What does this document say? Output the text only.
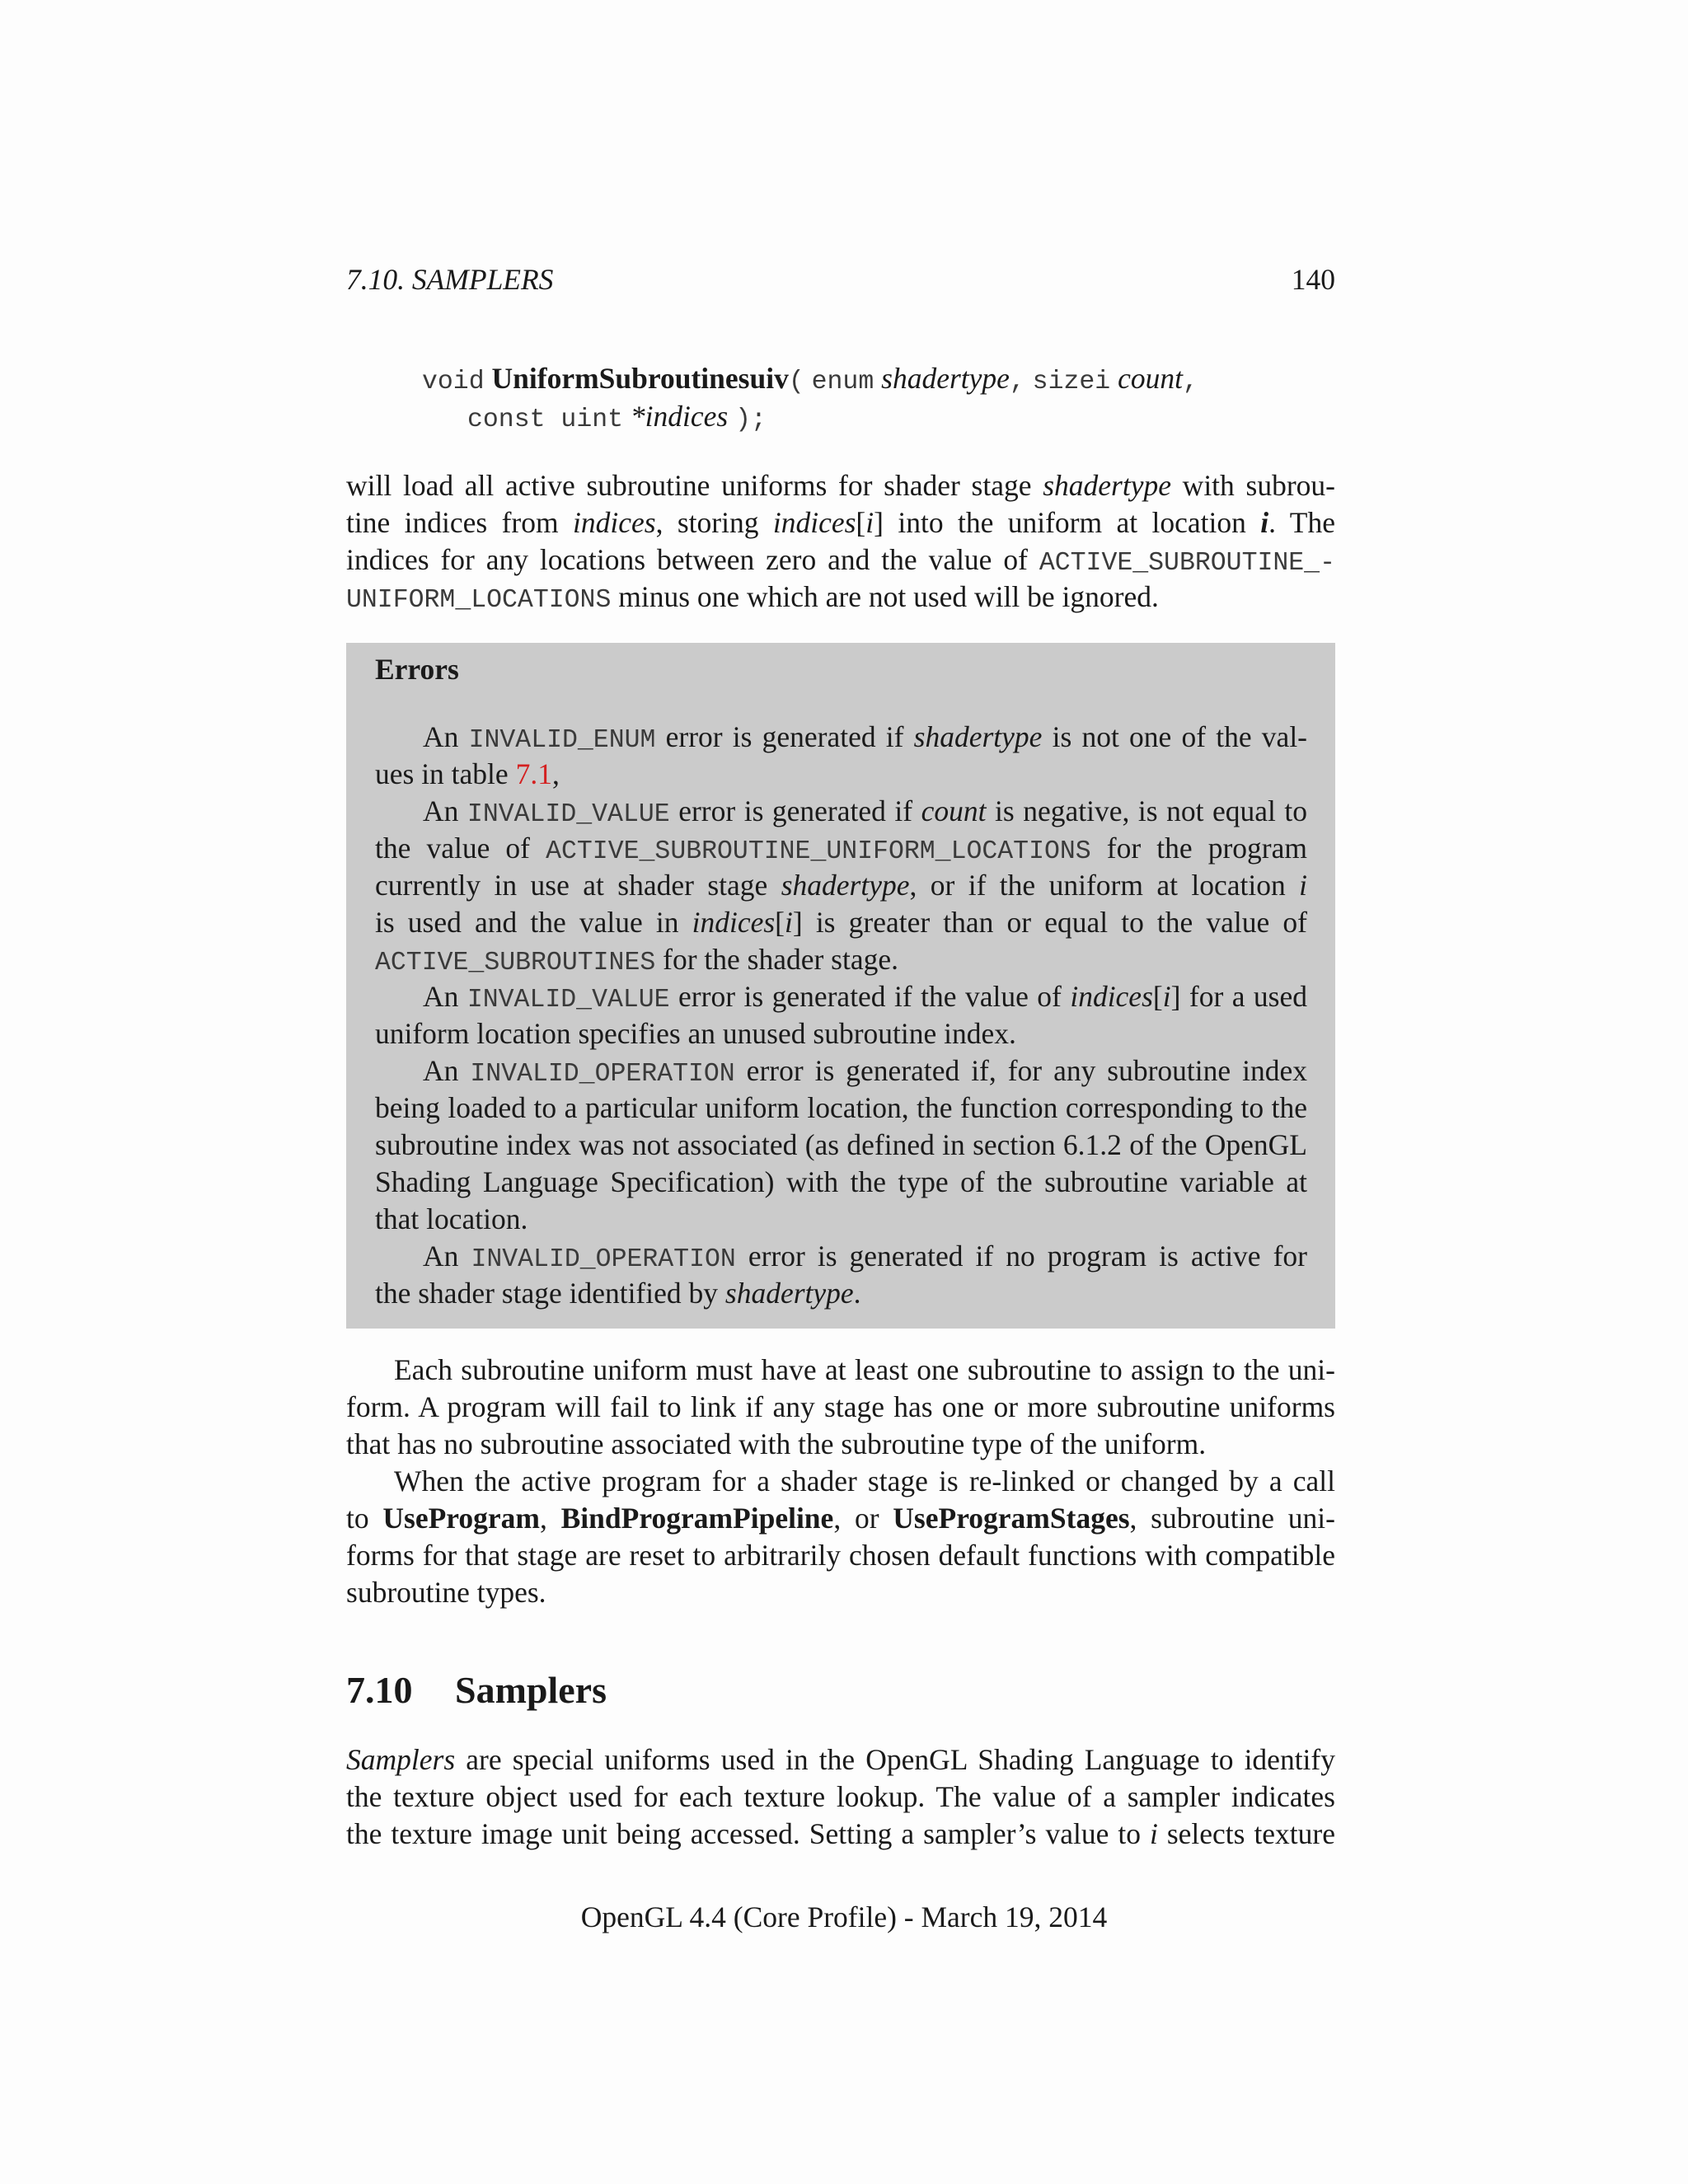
7.10. SAMPLERS	140
void UniformSubroutinesuiv( enum shadertype, sizei count,
const uint *indices );
will load all active subroutine uniforms for shader stage shadertype with subrou-
tine indices from indices, storing indices[i] into the uniform at location i. The
indices for any locations between zero and the value of ACTIVE_SUBROUTINE_-
UNIFORM_LOCATIONS minus one which are not used will be ignored.
Errors
An INVALID_ENUM error is generated if shadertype is not one of the val-
ues in table 7.1,
An INVALID_VALUE error is generated if count is negative, is not equal to
the value of ACTIVE_SUBROUTINE_UNIFORM_LOCATIONS for the program
currently in use at shader stage shadertype, or if the uniform at location i
is used and the value in indices[i] is greater than or equal to the value of
ACTIVE_SUBROUTINES for the shader stage.
An INVALID_VALUE error is generated if the value of indices[i] for a used
uniform location specifies an unused subroutine index.
An INVALID_OPERATION error is generated if, for any subroutine index
being loaded to a particular uniform location, the function corresponding to the
subroutine index was not associated (as defined in section 6.1.2 of the OpenGL
Shading Language Specification) with the type of the subroutine variable at
that location.
An INVALID_OPERATION error is generated if no program is active for
the shader stage identified by shadertype.
Each subroutine uniform must have at least one subroutine to assign to the uni-
form. A program will fail to link if any stage has one or more subroutine uniforms
that has no subroutine associated with the subroutine type of the uniform.
When the active program for a shader stage is re-linked or changed by a call
to UseProgram, BindProgramPipeline, or UseProgramStages, subroutine uni-
forms for that stage are reset to arbitrarily chosen default functions with compatible
subroutine types.
7.10 Samplers
Samplers are special uniforms used in the OpenGL Shading Language to identify
the texture object used for each texture lookup. The value of a sampler indicates
the texture image unit being accessed. Setting a sampler’s value to i selects texture
OpenGL 4.4 (Core Profile) - March 19, 2014
